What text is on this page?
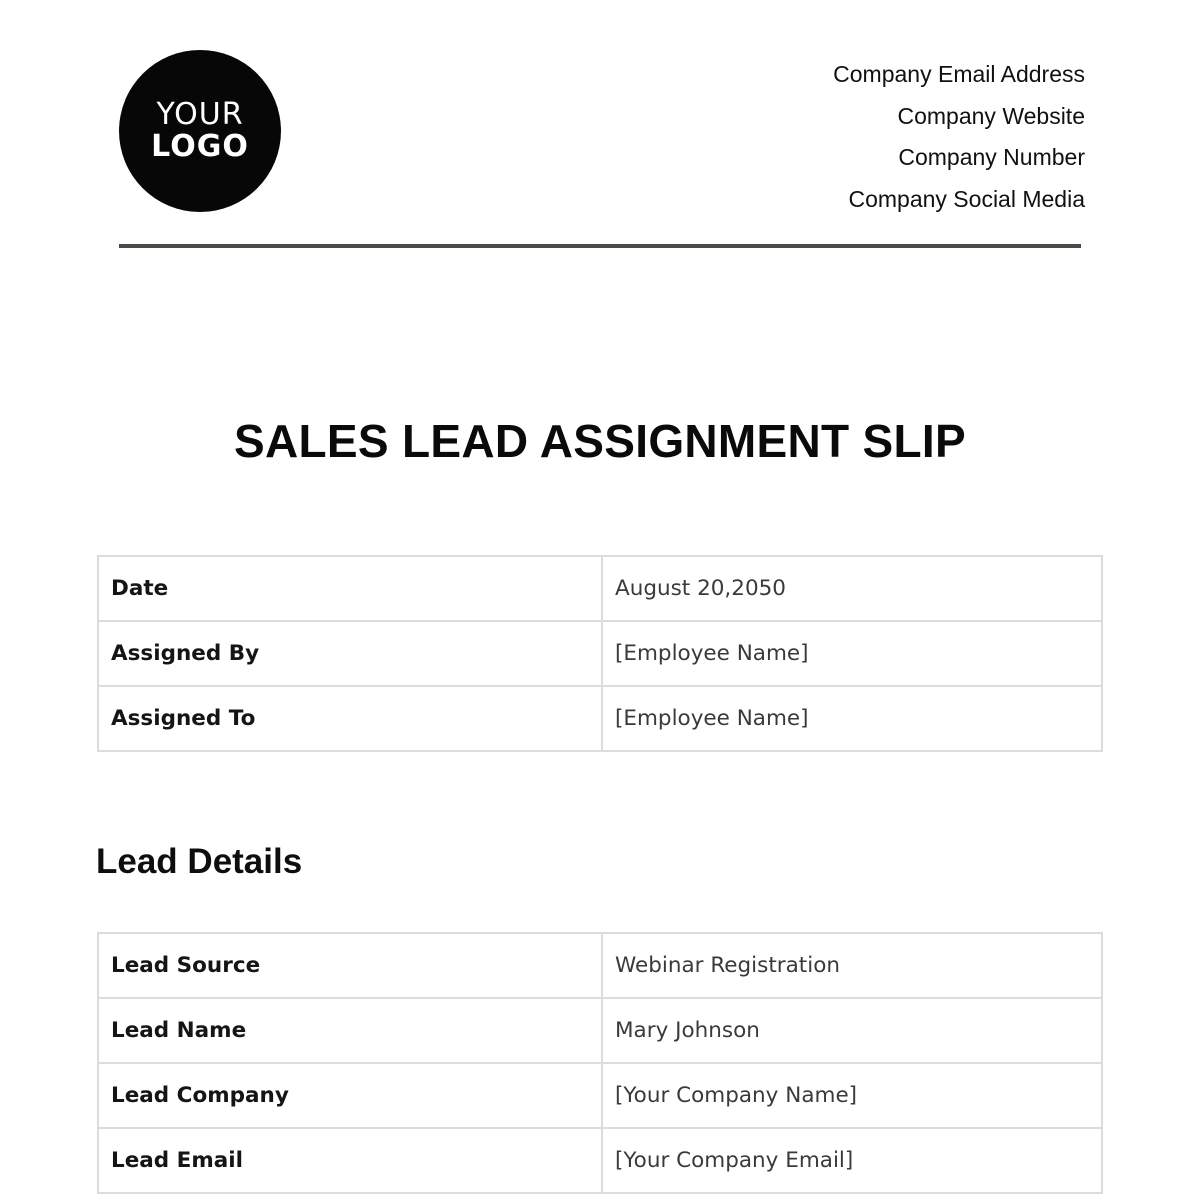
YOUR
LOGO
Company Email Address
Company Website
Company Number
Company Social Media
SALES LEAD ASSIGNMENT SLIP
Date	August 20,2050
Assigned By	[Employee Name]
Assigned To	[Employee Name]
Lead Details
Lead Source	Webinar Registration
Lead Name	Mary Johnson
Lead Company	[Your Company Name]
Lead Email	[Your Company Email]
